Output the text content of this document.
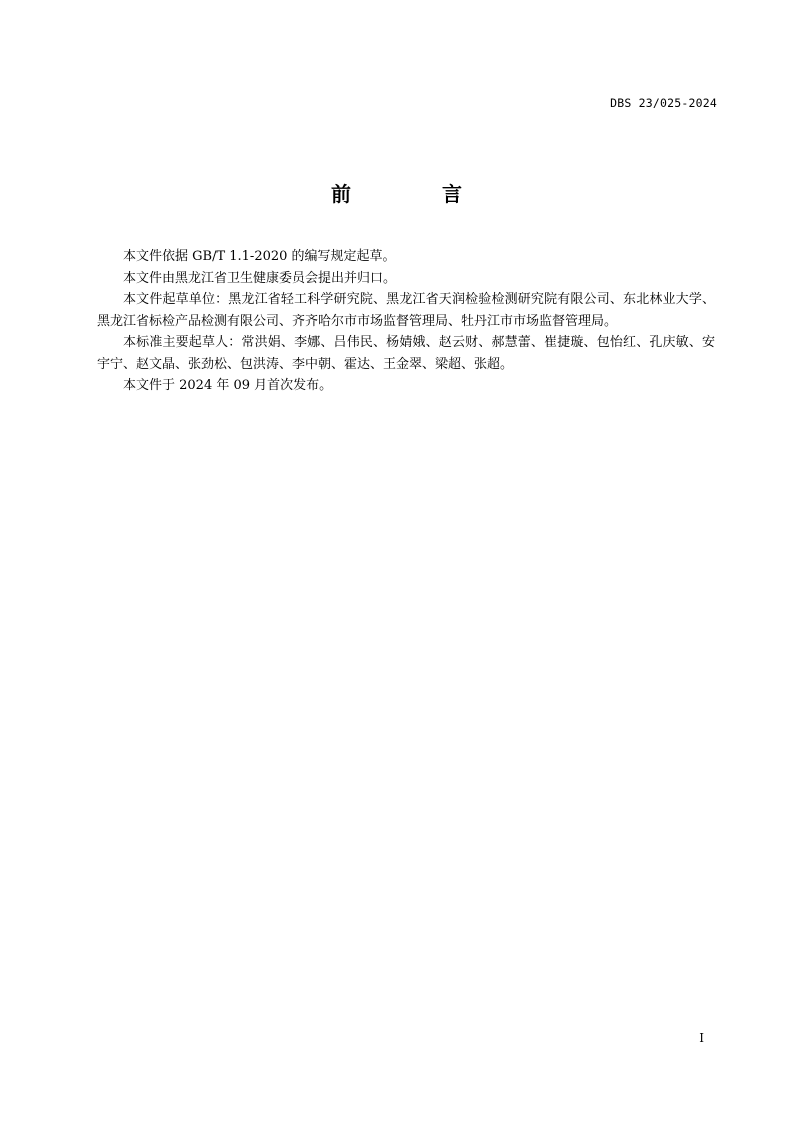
DBS 23/025-2024
前 言

本文件依据 GB/T 1.1-2020 的编写规定起草。

本文件由黑龙江省卫生健康委员会提出并归口。

本文件起草单位：黑龙江省轻工科学研究院、黑龙江省天润检验检测研究院有限公司、东北林业大学、黑龙江省标检产品检测有限公司、齐齐哈尔市市场监督管理局、牡丹江市市场监督管理局。

本标准主要起草人：常洪娟、李娜、吕伟民、杨婧娥、赵云财、郝慧蕾、崔捷璇、包怡红、孔庆敏、安宇宁、赵文晶、张劲松、包洪涛、李中朝、霍达、王金翠、梁超、张超。

本文件于 2024 年 09 月首次发布。

I
